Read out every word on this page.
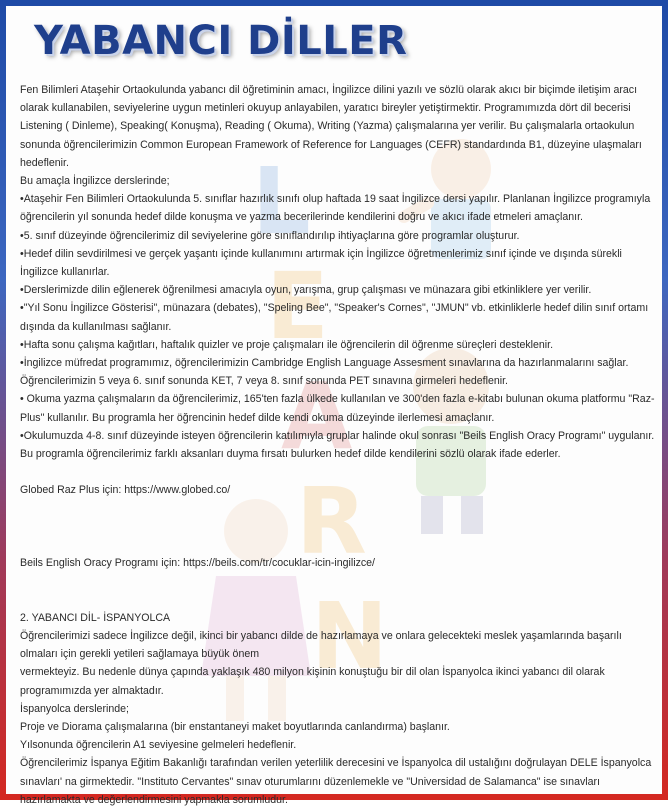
L
E
A
R
N
YABANCI DİLLER

Fen Bilimleri Ataşehir Ortaokulunda yabancı dil öğretiminin amacı, İngilizce dilini yazılı ve sözlü olarak akıcı bir biçimde iletişim aracı olarak kullanabilen, seviyelerine uygun metinleri okuyup anlayabilen, yaratıcı bireyler yetiştirmektir. Programımızda dört dil becerisi Listening ( Dinleme), Speaking( Konuşma), Reading ( Okuma), Writing (Yazma) çalışmalarına yer verilir. Bu çalışmalarla ortaokulun sonunda öğrencilerimizin Common European Framework of Reference for Languages (CEFR) standardında B1, düzeyine ulaşmaları hedeflenir.

Bu amaçla İngilizce derslerinde;

•Ataşehir Fen Bilimleri Ortaokulunda 5. sınıflar hazırlık sınıfı olup haftada 19 saat İngilizce dersi yapılır. Planlanan İngilizce programıyla öğrencilerin yıl sonunda hedef dilde konuşma ve yazma becerilerinde kendilerini doğru ve akıcı ifade etmeleri amaçlanır.

•5. sınıf düzeyinde öğrencilerimiz dil seviyelerine göre sınıflandırılıp ihtiyaçlarına göre programlar oluşturur.

•Hedef dilin sevdirilmesi ve gerçek yaşantı içinde kullanımını artırmak için İngilizce öğretmenlerimiz sınıf içinde ve dışında sürekli İngilizce kullanırlar.

•Derslerimizde dilin eğlenerek öğrenilmesi amacıyla oyun, yarışma, grup çalışması ve münazara gibi etkinliklere yer verilir.

•"Yıl Sonu İngilizce Gösterisi", münazara (debates), "Speling Bee", "Speaker's Cornes", "JMUN" vb. etkinliklerle hedef dilin sınıf ortamı dışında da kullanılması sağlanır.

•Hafta sonu çalışma kağıtları, haftalık quizler ve proje çalışmaları ile öğrencilerin dil öğrenme süreçleri desteklenir.

•İngilizce müfredat programımız, öğrencilerimizin Cambridge English Language Assesment sınavlarına da hazırlanmalarını sağlar. Öğrencilerimizin 5 veya 6. sınıf sonunda KET, 7 veya 8. sınıf sonunda PET sınavına girmeleri hedeflenir.

• Okuma yazma çalışmaların da öğrencilerimiz, 165'ten fazla ülkede kullanılan ve 300'den fazla e-kitabı bulunan okuma platformu "Raz-Plus" kullanılır. Bu programla her öğrencinin hedef dilde kendi okuma düzeyinde ilerlemesi amaçlanır.

•Okulumuzda 4-8. sınıf düzeyinde isteyen öğrencilerin katılımıyla gruplar halinde okul sonrası "Beils English Oracy Programı" uygulanır. Bu programla öğrencilerimiz farklı aksanları duyma fırsatı bulurken hedef dilde kendilerini sözlü olarak ifade ederler.

Globed Raz Plus için: https://www.globed.co/

Beils English Oracy Programı için: https://beils.com/tr/cocuklar-icin-ingilizce/

2. YABANCI DİL- İSPANYOLCA

Öğrencilerimizi sadece İngilizce değil, ikinci bir yabancı dilde de hazırlamaya ve onlara gelecekteki meslek yaşamlarında başarılı olmaları için gerekli yetileri sağlamaya büyük önem

vermekteyiz. Bu nedenle dünya çapında yaklaşık 480 milyon kişinin konuştuğu bir dil olan İspanyolca ikinci yabancı dil olarak programımızda yer almaktadır.

İspanyolca derslerinde;

Proje ve Diorama çalışmalarına (bir enstantaneyi maket boyutlarında canlandırma) başlanır.

Yılsonunda öğrencilerin A1 seviyesine gelmeleri hedeflenir.

Öğrencilerimiz İspanya Eğitim Bakanlığı tarafından verilen yeterlilik derecesini ve İspanyolca dil ustalığını doğrulayan DELE İspanyolca sınavları' na girmektedir. "Instituto Cervantes" sınav oturumlarını düzenlemekle ve "Universidad de Salamanca" ise sınavları hazırlamakta ve değerlendirmesini yapmakla sorumludur.
